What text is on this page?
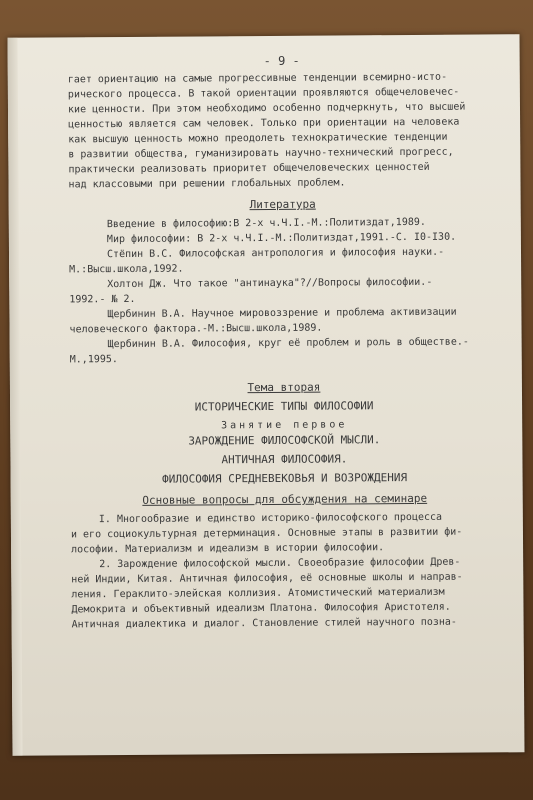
- 9 -
гает ориентацию на самые прогрессивные тенденции всемирно-исто-
рического процесса. В такой ориентации проявляются общечеловечес-
кие ценности. При этом необходимо особенно подчеркнуть, что высшей
ценностью является сам человек. Только при ориентации на человека
как высшую ценность можно преодолеть технократические тенденции
в развитии общества, гуманизировать научно-технический прогресс,
практически реализовать приоритет общечеловеческих ценностей
над классовыми при решении глобальных проблем.
Литература
Введение в философию:В 2-х ч.Ч.I.-М.:Политиздат,1989.
Мир философии: В 2-х ч.Ч.I.-М.:Политиздат,1991.-С. I0-I30.
Стёпин В.С. Философская антропология и философия науки.-
М.:Высш.школа,1992.
Холтон Дж. Что такое "антинаука"?//Вопросы философии.-
1992.- № 2.
Щербинин В.А. Научное мировоззрение и проблема активизации
человеческого фактора.-М.:Высш.школа,1989.
Щербинин В.А. Философия, круг её проблем и роль в обществе.-
М.,1995.
Тема вторая
ИСТОРИЧЕСКИЕ ТИПЫ ФИЛОСОФИИ
Занятие первое
ЗАРОЖДЕНИЕ ФИЛОСОФСКОЙ МЫСЛИ.
АНТИЧНАЯ ФИЛОСОФИЯ.
ФИЛОСОФИЯ СРЕДНЕВЕКОВЬЯ И ВОЗРОЖДЕНИЯ
Основные вопросы для обсуждения на семинаре
I. Многообразие и единство историко-философского процесса
и его социокультурная детерминация. Основные этапы в развитии фи-
лософии. Материализм и идеализм в истории философии.
2. Зарождение философской мысли. Своеобразие философии Древ-
ней Индии, Китая. Античная философия, её основные школы и направ-
ления. Гераклито-элейская коллизия. Атомистический материализм
Демокрита и объективный идеализм Платона. Философия Аристотеля.
Античная диалектика и диалог. Становление стилей научного позна-
